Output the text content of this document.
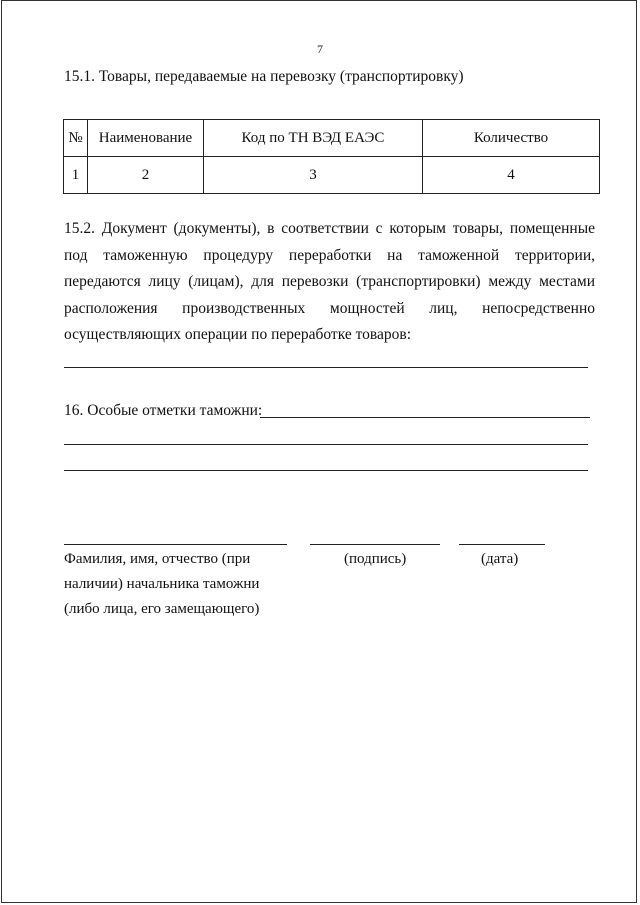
7
15.1. Товары, передаваемые на перевозку (транспортировку)
№	Наименование	Код по ТН ВЭД ЕАЭС	Количество
1	2	3	4
15.2. Документ (документы), в соответствии с которым товары, помещенные под таможенную процедуру переработки на таможенной территории, передаются лицу (лицам), для перевозки (транспортировки) между местами расположения производственных мощностей лиц, непосредственно осуществляющих операции по переработке товаров:
16. Особые отметки таможни:
Фамилия, имя, отчество (при
наличии) начальника таможни
(либо лица, его замещающего)
(подпись)	(дата)
